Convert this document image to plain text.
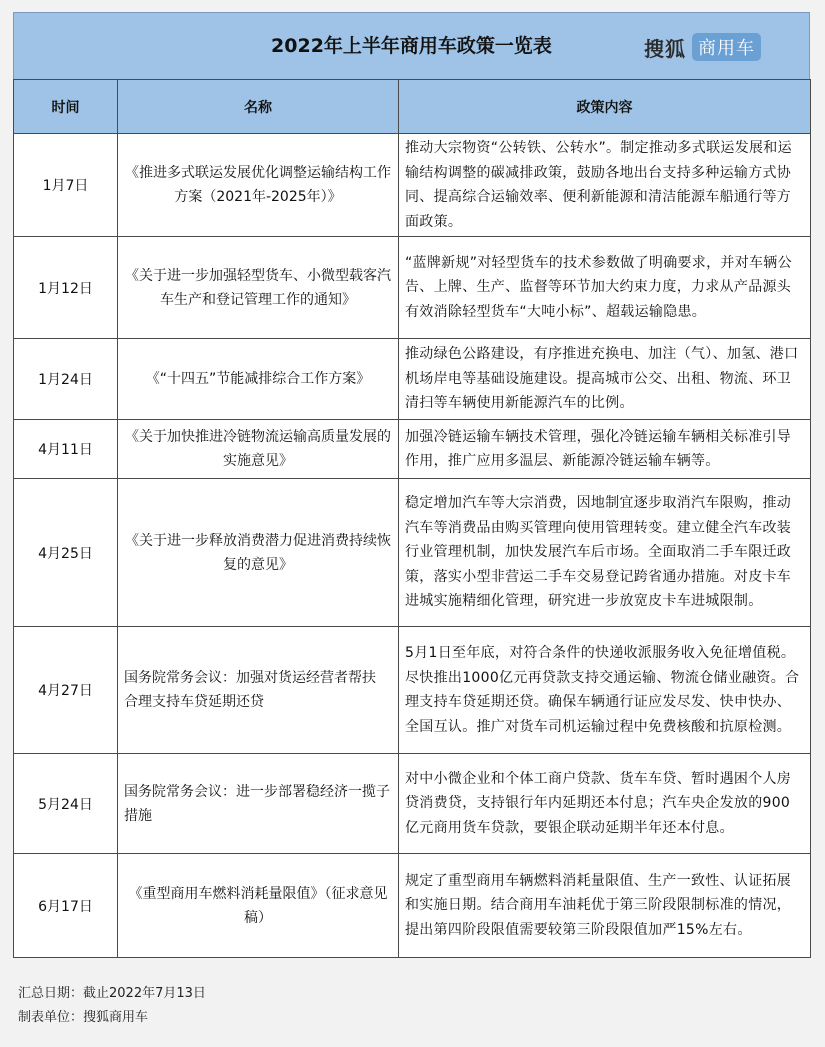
2022年上半年商用车政策一览表	搜狐 商用车
时间	名称	政策内容
1月7日	《推进多式联运发展优化调整运输结构工作方案（2021年-2025年）》	推动大宗物资“公转铁、公转水”。制定推动多式联运发展和运输结构调整的碳减排政策，鼓励各地出台支持多种运输方式协同、提高综合运输效率、便利新能源和清洁能源车船通行等方面政策。
1月12日	《关于进一步加强轻型货车、小微型载客汽车生产和登记管理工作的通知》	“蓝牌新规”对轻型货车的技术参数做了明确要求，并对车辆公告、上牌、生产、监督等环节加大约束力度，力求从产品源头有效消除轻型货车“大吨小标”、超载运输隐患。
1月24日	《“十四五”节能减排综合工作方案》	推动绿色公路建设，有序推进充换电、加注（气）、加氢、港口机场岸电等基础设施建设。提高城市公交、出租、物流、环卫清扫等车辆使用新能源汽车的比例。
4月11日	《关于加快推进冷链物流运输高质量发展的实施意见》	加强冷链运输车辆技术管理，强化冷链运输车辆相关标准引导作用，推广应用多温层、新能源冷链运输车辆等。
4月25日	《关于进一步释放消费潜力促进消费持续恢复的意见》	稳定增加汽车等大宗消费，因地制宜逐步取消汽车限购，推动汽车等消费品由购买管理向使用管理转变。建立健全汽车改装行业管理机制，加快发展汽车后市场。全面取消二手车限迁政策，落实小型非营运二手车交易登记跨省通办措施。对皮卡车进城实施精细化管理，研究进一步放宽皮卡车进城限制。
4月27日	国务院常务会议：加强对货运经营者帮扶 合理支持车贷延期还贷	5月1日至年底，对符合条件的快递收派服务收入免征增值税。尽快推出1000亿元再贷款支持交通运输、物流仓储业融资。合理支持车贷延期还贷。确保车辆通行证应发尽发、快申快办、全国互认。推广对货车司机运输过程中免费核酸和抗原检测。
5月24日	国务院常务会议：进一步部署稳经济一揽子措施	对中小微企业和个体工商户贷款、货车车贷、暂时遇困个人房贷消费贷，支持银行年内延期还本付息；汽车央企发放的900亿元商用货车贷款，要银企联动延期半年还本付息。
6月17日	《重型商用车燃料消耗量限值》（征求意见稿）	规定了重型商用车辆燃料消耗量限值、生产一致性、认证拓展和实施日期。结合商用车油耗优于第三阶段限制标准的情况，提出第四阶段限值需要较第三阶段限值加严15%左右。
汇总日期：截止2022年7月13日
制表单位：搜狐商用车
